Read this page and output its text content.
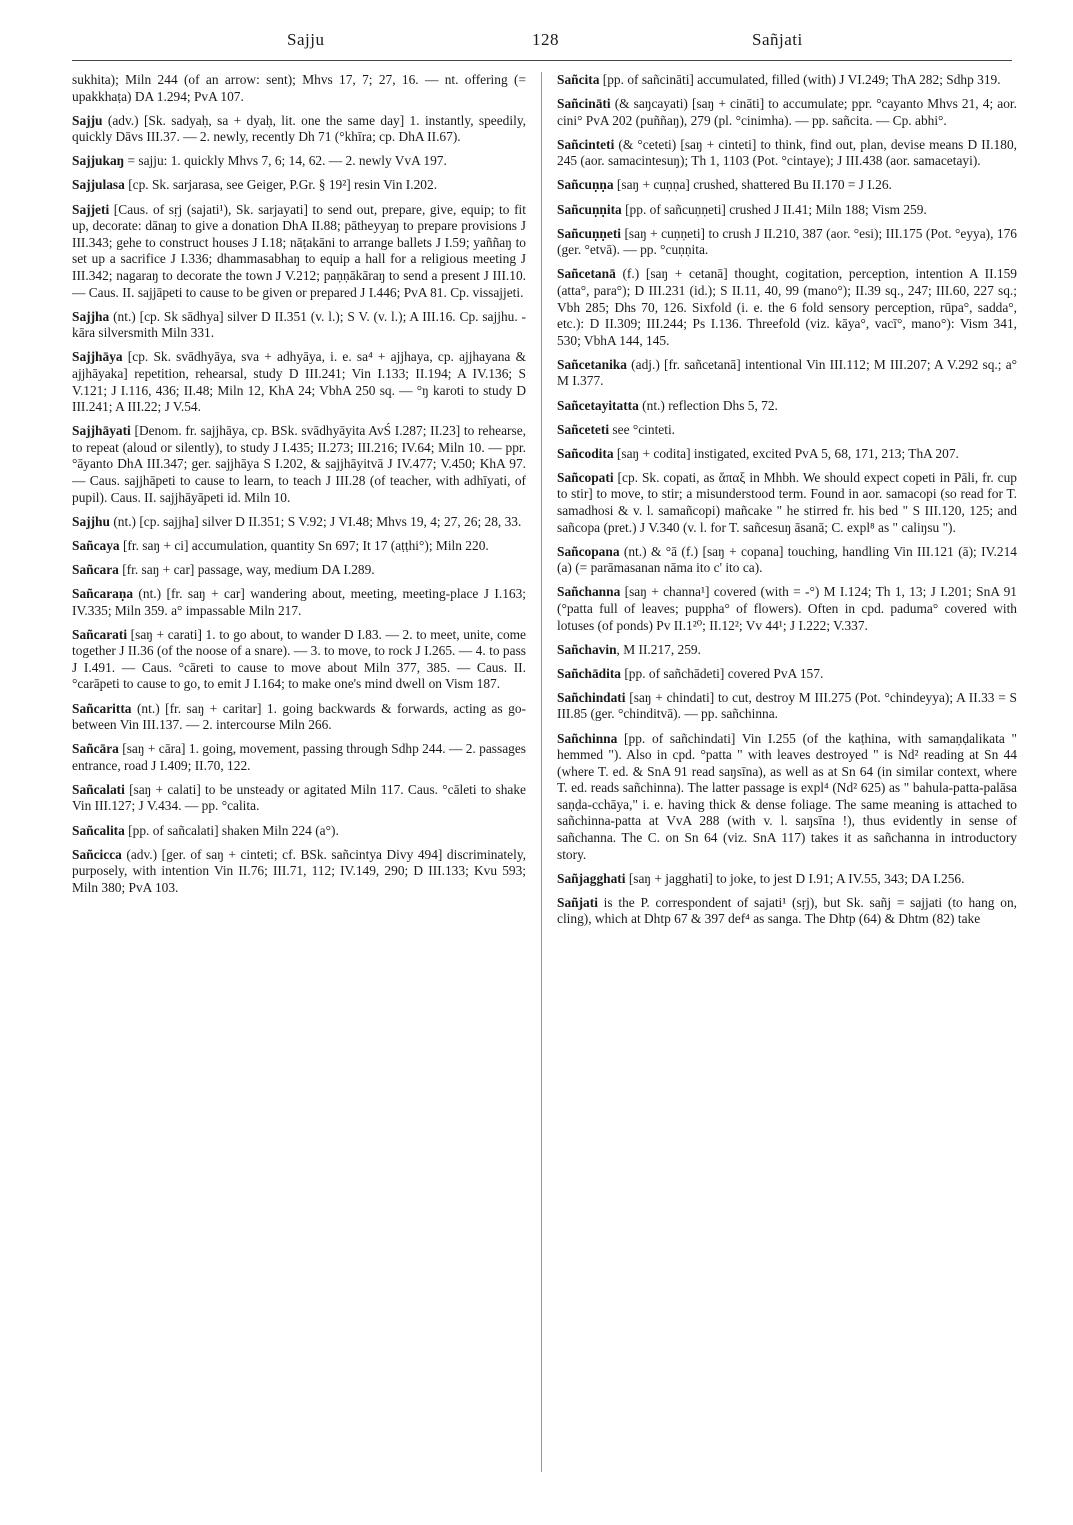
Sajju	128	Sañjati

sukhita); Miln 244 (of an arrow: sent); Mhvs 17, 7; 27, 16. — nt. offering (= upakkhaṭa) DA 1.294; PvA 107.

Sajju (adv.) [Sk. sadyaḥ, sa + dyaḥ, lit. one the same day] 1. instantly, speedily, quickly Dāvs III.37. — 2. newly, recently Dh 71 (°khīra; cp. DhA II.67).

Sajjukaŋ = sajju: 1. quickly Mhvs 7, 6; 14, 62. — 2. newly VvA 197.

Sajjulasa [cp. Sk. sarjarasa, see Geiger, P.Gr. § 19²] resin Vin I.202.

Sajjeti [Caus. of sṛj (sajati¹), Sk. sarjayati] to send out, prepare, give, equip; to fit up, decorate: dānaŋ to give a donation DhA II.88; pātheyyaŋ to prepare provisions J III.343; gehe to construct houses J I.18; nāṭakāni to arrange ballets J I.59; yaññaŋ to set up a sacrifice J I.336; dhammasabhaŋ to equip a hall for a religious meeting J III.342; nagaraŋ to decorate the town J V.212; paṇṇākāraŋ to send a present J III.10. — Caus. II. sajjāpeti to cause to be given or prepared J I.446; PvA 81. Cp. vissajjeti.

Sajjha (nt.) [cp. Sk sādhya] silver D II.351 (v. l.); S V. (v. l.); A III.16. Cp. sajjhu. -kāra silversmith Miln 331.

Sajjhāya [cp. Sk. svādhyāya, sva + adhyāya, i. e. sa⁴ + ajjhaya, cp. ajjhayana & ajjhāyaka] repetition, rehearsal, study D III.241; Vin I.133; II.194; A IV.136; S V.121; J I.116, 436; II.48; Miln 12, KhA 24; VbhA 250 sq. — °ŋ karoti to study D III.241; A III.22; J V.54.

Sajjhāyati [Denom. fr. sajjhāya, cp. BSk. svādhyāyita AvŚ I.287; II.23] to rehearse, to repeat (aloud or silently), to study J I.435; II.273; III.216; IV.64; Miln 10. — ppr. °āyanto DhA III.347; ger. sajjhāya S I.202, & sajjhāyitvā J IV.477; V.450; KhA 97. — Caus. sajjhāpeti to cause to learn, to teach J III.28 (of teacher, with adhīyati, of pupil). Caus. II. sajjhāyāpeti id. Miln 10.

Sajjhu (nt.) [cp. sajjha] silver D II.351; S V.92; J VI.48; Mhvs 19, 4; 27, 26; 28, 33.

Sañcaya [fr. saŋ + ci] accumulation, quantity Sn 697; It 17 (aṭṭhi°); Miln 220.

Sañcara [fr. saŋ + car] passage, way, medium DA I.289.

Sañcaraṇa (nt.) [fr. saŋ + car] wandering about, meeting, meeting-place J I.163; IV.335; Miln 359. a° impassable Miln 217.

Sañcarati [saŋ + carati] 1. to go about, to wander D I.83. — 2. to meet, unite, come together J II.36 (of the noose of a snare). — 3. to move, to rock J I.265. — 4. to pass J I.491. — Caus. °cāreti to cause to move about Miln 377, 385. — Caus. II. °carāpeti to cause to go, to emit J I.164; to make one's mind dwell on Vism 187.

Sañcaritta (nt.) [fr. saŋ + caritar] 1. going backwards & forwards, acting as go-between Vin III.137. — 2. intercourse Miln 266.

Sañcāra [saŋ + cāra] 1. going, movement, passing through Sdhp 244. — 2. passages entrance, road J I.409; II.70, 122.

Sañcalati [saŋ + calati] to be unsteady or agitated Miln 117. Caus. °cāleti to shake Vin III.127; J V.434. — pp. °calita.

Sañcalita [pp. of sañcalati] shaken Miln 224 (a°).

Sañcicca (adv.) [ger. of saŋ + cinteti; cf. BSk. sañcintya Divy 494] discriminately, purposely, with intention Vin II.76; III.71, 112; IV.149, 290; D III.133; Kvu 593; Miln 380; PvA 103.

Sañcita [pp. of sañcināti] accumulated, filled (with) J VI.249; ThA 282; Sdhp 319.

Sañcināti (& saŋcayati) [saŋ + cināti] to accumulate; ppr. °cayanto Mhvs 21, 4; aor. cini° PvA 202 (puññaŋ), 279 (pl. °cinimha). — pp. sañcita. — Cp. abhi°.

Sañcinteti (& °ceteti) [saŋ + cinteti] to think, find out, plan, devise means D II.180, 245 (aor. samacintesuŋ); Th 1, 1103 (Pot. °cintaye); J III.438 (aor. samacetayi).

Sañcuṇṇa [saŋ + cuṇṇa] crushed, shattered Bu II.170 = J I.26.

Sañcuṇṇita [pp. of sañcuṇṇeti] crushed J II.41; Miln 188; Vism 259.

Sañcuṇṇeti [saŋ + cuṇṇeti] to crush J II.210, 387 (aor. °esi); III.175 (Pot. °eyya), 176 (ger. °etvā). — pp. °cuṇṇita.

Sañcetanā (f.) [saŋ + cetanā] thought, cogitation, perception, intention A II.159 (atta°, para°); D III.231 (id.); S II.11, 40, 99 (mano°); II.39 sq., 247; III.60, 227 sq.; Vbh 285; Dhs 70, 126. Sixfold (i. e. the 6 fold sensory perception, rūpa°, sadda°, etc.): D II.309; III.244; Ps I.136. Threefold (viz. kāya°, vacī°, mano°): Vism 341, 530; VbhA 144, 145.

Sañcetanika (adj.) [fr. sañcetanā] intentional Vin III.112; M III.207; A V.292 sq.; a° M I.377.

Sañcetayitatta (nt.) reflection Dhs 5, 72.

Sañceteti see °cinteti.

Sañcodita [saŋ + codita] instigated, excited PvA 5, 68, 171, 213; ThA 207.

Sañcopati [cp. Sk. copati, as ἅπαξ in Mhbh. We should expect copeti in Pāli, fr. cup to stir] to move, to stir; a misunderstood term. Found in aor. samacopi (so read for T. samadhosi & v. l. samañcopi) mañcake " he stirred fr. his bed " S III.120, 125; and sañcopa (pret.) J V.340 (v. l. for T. sañcesuŋ āsanā; C. expl⁸ as " caliŋsu ").

Sañcopana (nt.) & °ā (f.) [saŋ + copana] touching, handling Vin III.121 (ā); IV.214 (a) (= parāmasanan nāma ito c' ito ca).

Sañchanna [saŋ + channa¹] covered (with = -°) M I.124; Th 1, 13; J I.201; SnA 91 (°patta full of leaves; puppha° of flowers). Often in cpd. paduma° covered with lotuses (of ponds) Pv II.1²⁰; II.12²; Vv 44¹; J I.222; V.337.

Sañchavin, M II.217, 259.

Sañchādita [pp. of sañchādeti] covered PvA 157.

Sañchindati [saŋ + chindati] to cut, destroy M III.275 (Pot. °chindeyya); A II.33 = S III.85 (ger. °chinditvā). — pp. sañchinna.

Sañchinna [pp. of sañchindati] Vin I.255 (of the kaṭhina, with samaṇḍalikata " hemmed "). Also in cpd. °patta " with leaves destroyed " is Nd² reading at Sn 44 (where T. ed. & SnA 91 read saŋsīna), as well as at Sn 64 (in similar context, where T. ed. reads sañchinna). The latter passage is expl⁴ (Nd² 625) as " bahula-patta-palāsa saṇḍa-cchāya," i. e. having thick & dense foliage. The same meaning is attached to sañchinna-patta at VvA 288 (with v. l. saŋsīna !), thus evidently in sense of sañchanna. The C. on Sn 64 (viz. SnA 117) takes it as sañchanna in introductory story.

Sañjagghati [saŋ + jagghati] to joke, to jest D I.91; A IV.55, 343; DA I.256.

Sañjati is the P. correspondent of sajati¹ (sṛj), but Sk. sañj = sajjati (to hang on, cling), which at Dhtp 67 & 397 def⁴ as sanga. The Dhtp (64) & Dhtm (82) take
